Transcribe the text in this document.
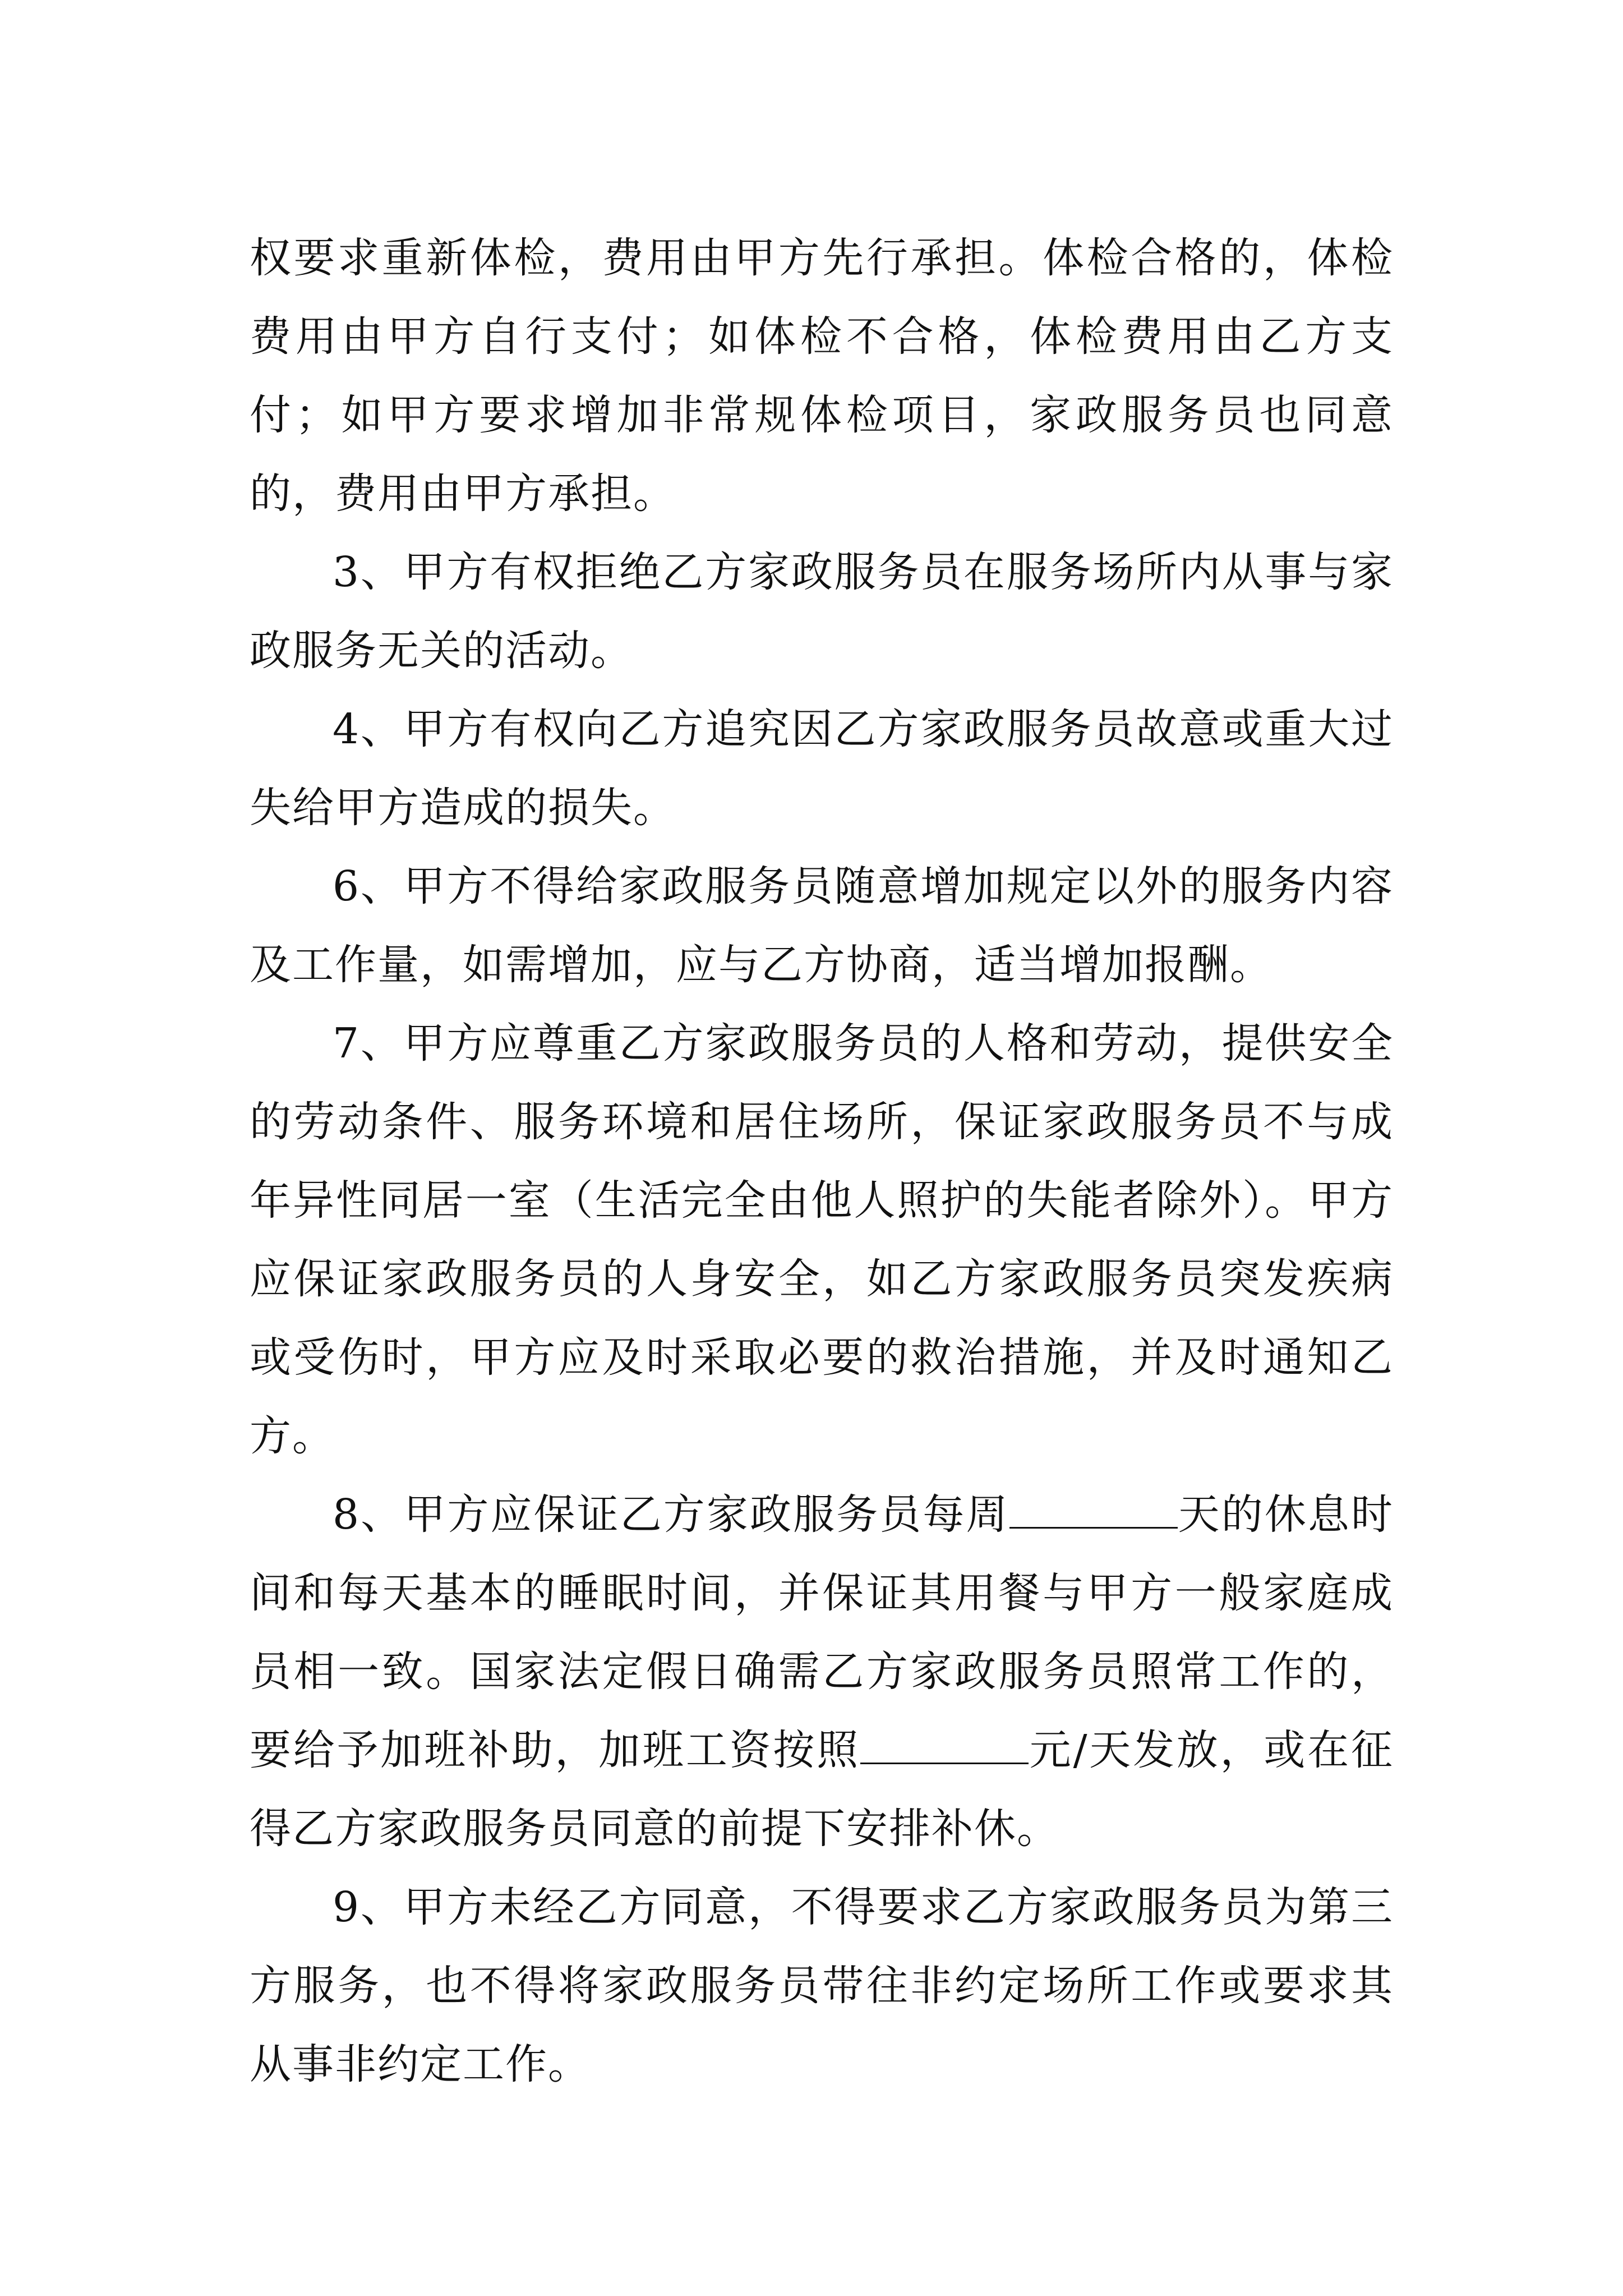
权要求重新体检，费用由甲方先行承担。体检合格的，体检费用由甲方自行支付；如体检不合格，体检费用由乙方支付；如甲方要求增加非常规体检项目，家政服务员也同意的，费用由甲方承担。

3、甲方有权拒绝乙方家政服务员在服务场所内从事与家政服务无关的活动。

4、甲方有权向乙方追究因乙方家政服务员故意或重大过失给甲方造成的损失。

6、甲方不得给家政服务员随意增加规定以外的服务内容及工作量，如需增加，应与乙方协商，适当增加报酬。

7、甲方应尊重乙方家政服务员的人格和劳动，提供安全的劳动条件、服务环境和居住场所，保证家政服务员不与成年异性同居一室（生活完全由他人照护的失能者除外）。甲方应保证家政服务员的人身安全，如乙方家政服务员突发疾病或受伤时，甲方应及时采取必要的救治措施，并及时通知乙方。

8、甲方应保证乙方家政服务员每周	天的休息时间和每天基本的睡眠时间，并保证其用餐与甲方一般家庭成员相一致。国家法定假日确需乙方家政服务员照常工作的，要给予加班补助，加班工资按照	元/天发放，或在征得乙方家政服务员同意的前提下安排补休。

9、甲方未经乙方同意，不得要求乙方家政服务员为第三方服务，也不得将家政服务员带往非约定场所工作或要求其从事非约定工作。
